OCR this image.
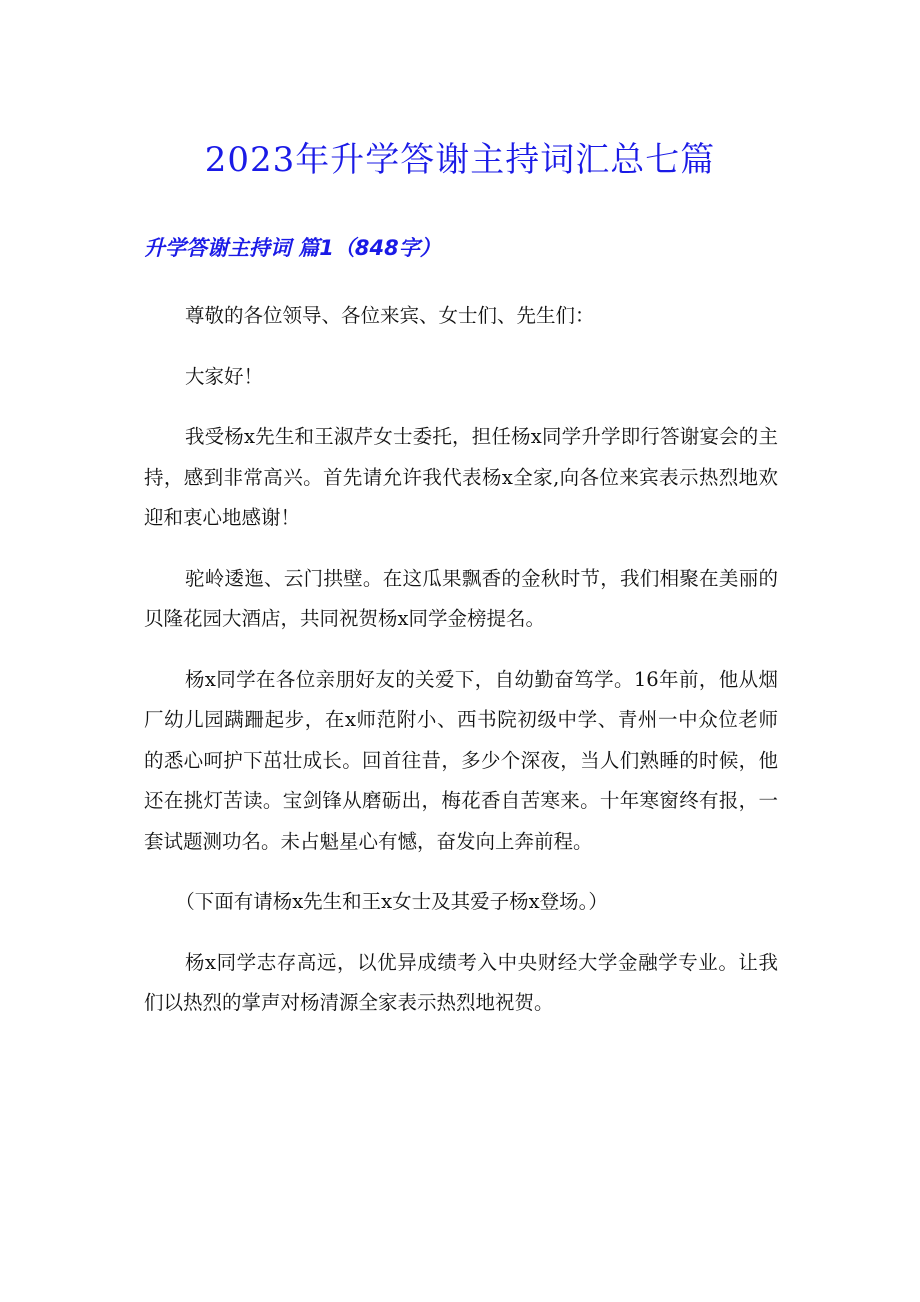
2023年升学答谢主持词汇总七篇
升学答谢主持词 篇1（848字）

尊敬的各位领导、各位来宾、女士们、先生们：

大家好！

我受杨x先生和王淑芹女士委托，担任杨x同学升学即行答谢宴会的主持，感到非常高兴。首先请允许我代表杨x全家,向各位来宾表示热烈地欢迎和衷心地感谢！

驼岭逶迤、云门拱壁。在这瓜果飘香的金秋时节，我们相聚在美丽的贝隆花园大酒店，共同祝贺杨x同学金榜提名。

杨x同学在各位亲朋好友的关爱下，自幼勤奋笃学。16年前，他从烟厂幼儿园蹒跚起步，在x师范附小、西书院初级中学、青州一中众位老师的悉心呵护下茁壮成长。回首往昔，多少个深夜，当人们熟睡的时候，他还在挑灯苦读。宝剑锋从磨砺出，梅花香自苦寒来。十年寒窗终有报，一套试题测功名。未占魁星心有憾，奋发向上奔前程。

（下面有请杨x先生和王x女士及其爱子杨x登场。）

杨x同学志存高远，以优异成绩考入中央财经大学金融学专业。让我们以热烈的掌声对杨清源全家表示热烈地祝贺。
